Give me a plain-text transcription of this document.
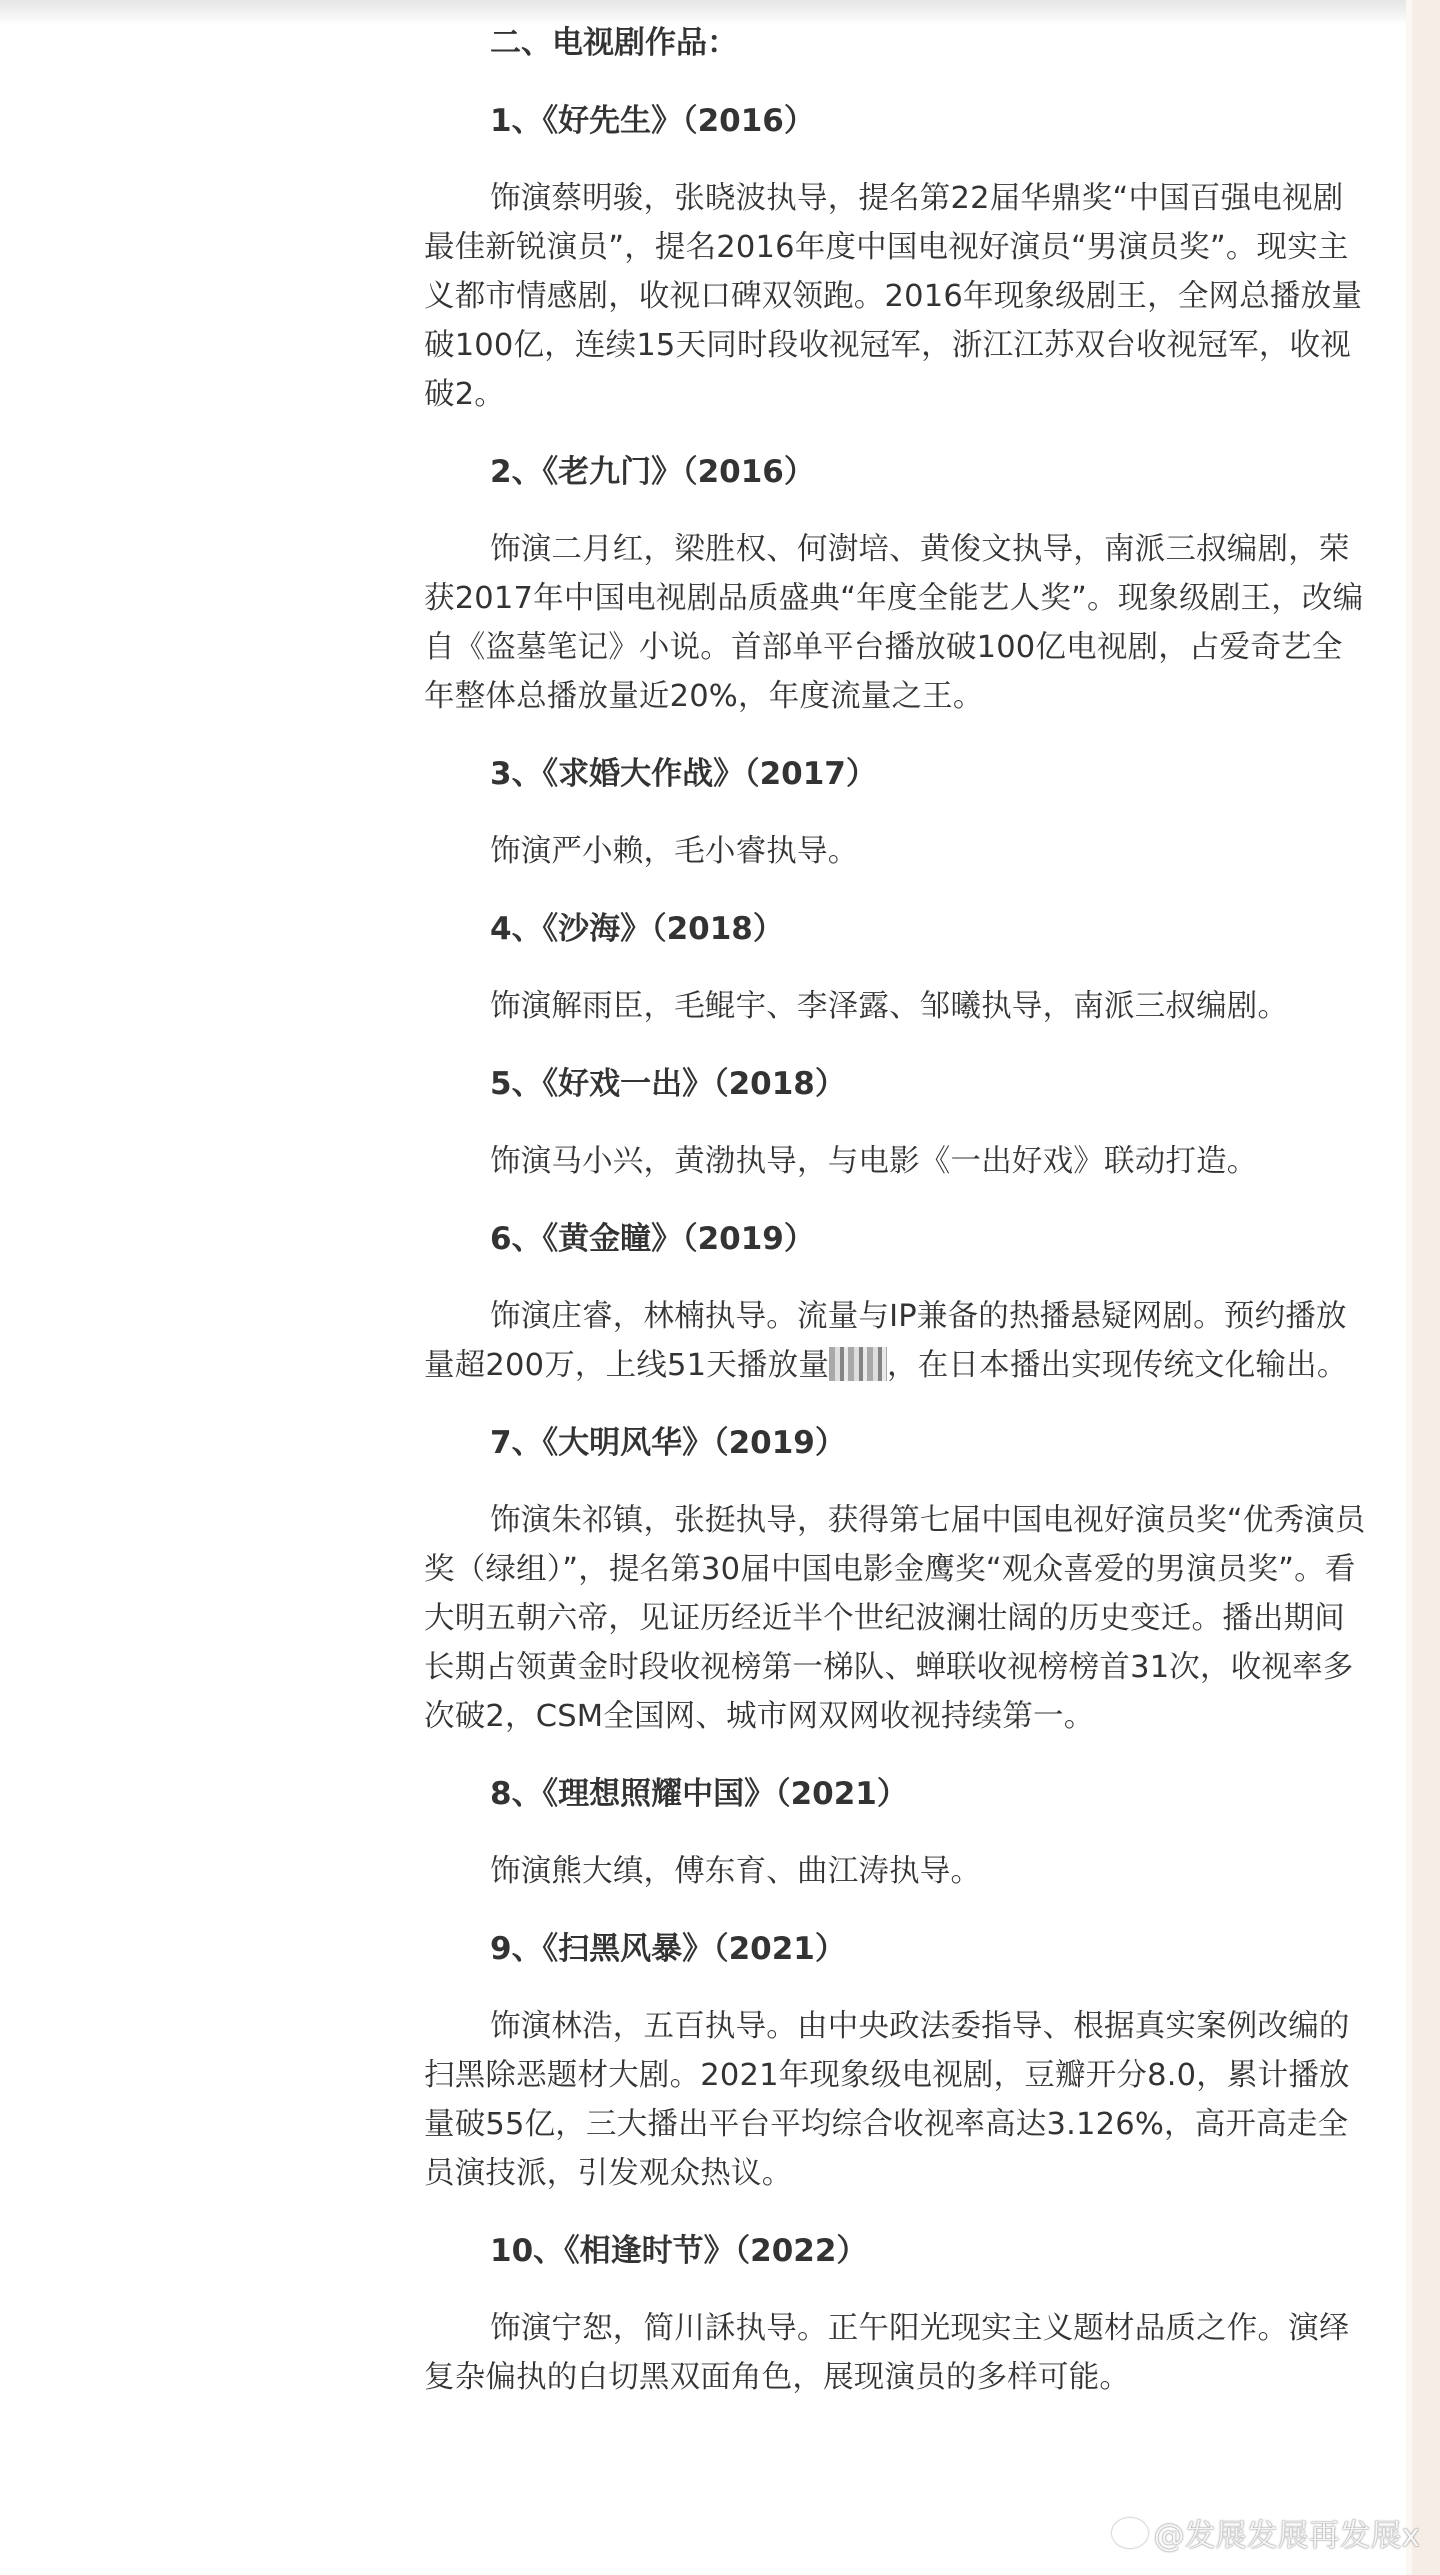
二、电视剧作品：
1、《好先生》（2016）

饰演蔡明骏，张晓波执导，提名第22届华鼎奖“中国百强电视剧最佳新锐演员”，提名2016年度中国电视好演员“男演员奖”。现实主义都市情感剧，收视口碑双领跑。2016年现象级剧王，全网总播放量破100亿，连续15天同时段收视冠军，浙江江苏双台收视冠军，收视破2。

2、《老九门》（2016）

饰演二月红，梁胜权、何澍培、黄俊文执导，南派三叔编剧，荣获2017年中国电视剧品质盛典“年度全能艺人奖”。现象级剧王，改编自《盗墓笔记》小说。首部单平台播放破100亿电视剧，占爱奇艺全年整体总播放量近20%，年度流量之王。

3、《求婚大作战》（2017）

饰演严小赖，毛小睿执导。

4、《沙海》（2018）

饰演解雨臣，毛鲲宇、李泽露、邹曦执导，南派三叔编剧。

5、《好戏一出》（2018）

饰演马小兴，黄渤执导，与电影《一出好戏》联动打造。

6、《黄金瞳》（2019）

饰演庄睿，林楠执导。流量与IP兼备的热播悬疑网剧。预约播放量超200万，上线51天播放量 ，在日本播出实现传统文化输出。

7、《大明风华》（2019）

饰演朱祁镇，张挺执导，获得第七届中国电视好演员奖“优秀演员奖（绿组）”，提名第30届中国电影金鹰奖“观众喜爱的男演员奖”。看大明五朝六帝，见证历经近半个世纪波澜壮阔的历史变迁。播出期间长期占领黄金时段收视榜第一梯队、蝉联收视榜榜首31次，收视率多次破2，CSM全国网、城市网双网收视持续第一。

8、《理想照耀中国》（2021）

饰演熊大缜，傅东育、曲江涛执导。

9、《扫黑风暴》（2021）

饰演林浩，五百执导。由中央政法委指导、根据真实案例改编的扫黑除恶题材大剧。2021年现象级电视剧，豆瓣开分8.0，累计播放量破55亿，三大播出平台平均综合收视率高达3.126%，高开高走全员演技派，引发观众热议。

10、《相逢时节》（2022）

饰演宁恕，简川訸执导。正午阳光现实主义题材品质之作。演绎复杂偏执的白切黑双面角色，展现演员的多样可能。

@发展发展再发展x
